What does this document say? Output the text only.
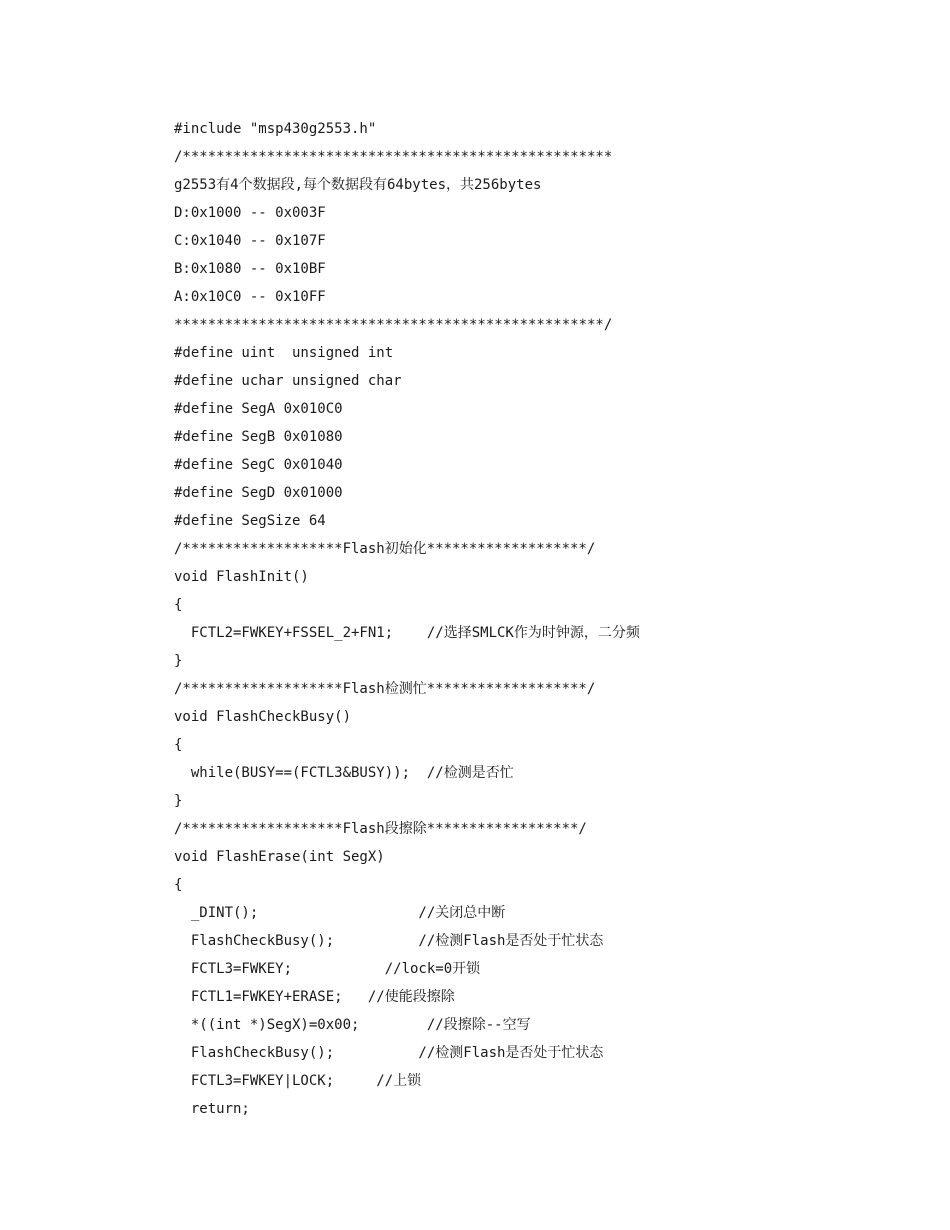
#include "msp430g2553.h"
/***************************************************
g2553有4个数据段,每个数据段有64bytes，共256bytes
D:0x1000 -- 0x003F
C:0x1040 -- 0x107F
B:0x1080 -- 0x10BF
A:0x10C0 -- 0x10FF
***************************************************/
#define uint  unsigned int
#define uchar unsigned char
#define SegA 0x010C0
#define SegB 0x01080
#define SegC 0x01040
#define SegD 0x01000
#define SegSize 64
/*******************Flash初始化*******************/
void FlashInit()
{
FCTL2=FWKEY+FSSEL_2+FN1;    //选择SMLCK作为时钟源，二分频
}
/*******************Flash检测忙*******************/
void FlashCheckBusy()
{
while(BUSY==(FCTL3&BUSY));  //检测是否忙
}
/*******************Flash段擦除******************/
void FlashErase(int SegX)
{
_DINT();                   //关闭总中断
FlashCheckBusy();          //检测Flash是否处于忙状态
FCTL3=FWKEY;           //lock=0开锁
FCTL1=FWKEY+ERASE;   //使能段擦除
*((int *)SegX)=0x00;        //段擦除--空写
FlashCheckBusy();          //检测Flash是否处于忙状态
FCTL3=FWKEY|LOCK;     //上锁
return;
